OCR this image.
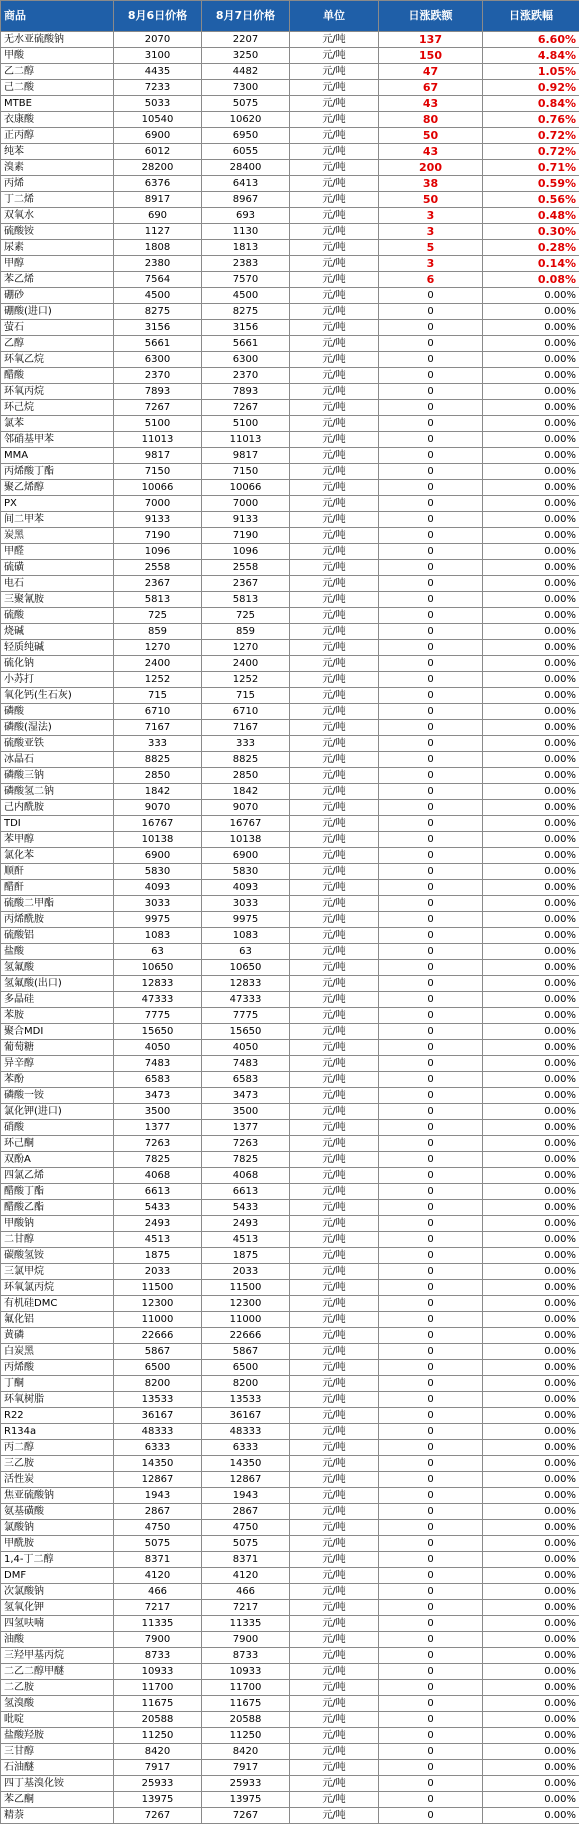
商品	8月6日价格	8月7日价格	单位	日涨跌额	日涨跌幅
无水亚硫酸钠	2070	2207	元/吨	137	6.60%
甲酸	3100	3250	元/吨	150	4.84%
乙二醇	4435	4482	元/吨	47	1.05%
己二酸	7233	7300	元/吨	67	0.92%
MTBE	5033	5075	元/吨	43	0.84%
衣康酸	10540	10620	元/吨	80	0.76%
正丙醇	6900	6950	元/吨	50	0.72%
纯苯	6012	6055	元/吨	43	0.72%
溴素	28200	28400	元/吨	200	0.71%
丙烯	6376	6413	元/吨	38	0.59%
丁二烯	8917	8967	元/吨	50	0.56%
双氧水	690	693	元/吨	3	0.48%
硫酸铵	1127	1130	元/吨	3	0.30%
尿素	1808	1813	元/吨	5	0.28%
甲醇	2380	2383	元/吨	3	0.14%
苯乙烯	7564	7570	元/吨	6	0.08%
硼砂	4500	4500	元/吨	0	0.00%
硼酸(进口)	8275	8275	元/吨	0	0.00%
萤石	3156	3156	元/吨	0	0.00%
乙醇	5661	5661	元/吨	0	0.00%
环氧乙烷	6300	6300	元/吨	0	0.00%
醋酸	2370	2370	元/吨	0	0.00%
环氧丙烷	7893	7893	元/吨	0	0.00%
环己烷	7267	7267	元/吨	0	0.00%
氯苯	5100	5100	元/吨	0	0.00%
邻硝基甲苯	11013	11013	元/吨	0	0.00%
MMA	9817	9817	元/吨	0	0.00%
丙烯酸丁酯	7150	7150	元/吨	0	0.00%
聚乙烯醇	10066	10066	元/吨	0	0.00%
PX	7000	7000	元/吨	0	0.00%
间二甲苯	9133	9133	元/吨	0	0.00%
炭黑	7190	7190	元/吨	0	0.00%
甲醛	1096	1096	元/吨	0	0.00%
硫磺	2558	2558	元/吨	0	0.00%
电石	2367	2367	元/吨	0	0.00%
三聚氰胺	5813	5813	元/吨	0	0.00%
硫酸	725	725	元/吨	0	0.00%
烧碱	859	859	元/吨	0	0.00%
轻质纯碱	1270	1270	元/吨	0	0.00%
硫化钠	2400	2400	元/吨	0	0.00%
小苏打	1252	1252	元/吨	0	0.00%
氧化钙(生石灰)	715	715	元/吨	0	0.00%
磷酸	6710	6710	元/吨	0	0.00%
磷酸(湿法)	7167	7167	元/吨	0	0.00%
硫酸亚铁	333	333	元/吨	0	0.00%
冰晶石	8825	8825	元/吨	0	0.00%
磷酸三钠	2850	2850	元/吨	0	0.00%
磷酸氢二钠	1842	1842	元/吨	0	0.00%
己内酰胺	9070	9070	元/吨	0	0.00%
TDI	16767	16767	元/吨	0	0.00%
苯甲醇	10138	10138	元/吨	0	0.00%
氯化苯	6900	6900	元/吨	0	0.00%
顺酐	5830	5830	元/吨	0	0.00%
醋酐	4093	4093	元/吨	0	0.00%
硫酸二甲酯	3033	3033	元/吨	0	0.00%
丙烯酰胺	9975	9975	元/吨	0	0.00%
硫酸铝	1083	1083	元/吨	0	0.00%
盐酸	63	63	元/吨	0	0.00%
氢氟酸	10650	10650	元/吨	0	0.00%
氢氟酸(出口)	12833	12833	元/吨	0	0.00%
多晶硅	47333	47333	元/吨	0	0.00%
苯胺	7775	7775	元/吨	0	0.00%
聚合MDI	15650	15650	元/吨	0	0.00%
葡萄糖	4050	4050	元/吨	0	0.00%
异辛醇	7483	7483	元/吨	0	0.00%
苯酚	6583	6583	元/吨	0	0.00%
磷酸一铵	3473	3473	元/吨	0	0.00%
氯化钾(进口)	3500	3500	元/吨	0	0.00%
硝酸	1377	1377	元/吨	0	0.00%
环己酮	7263	7263	元/吨	0	0.00%
双酚A	7825	7825	元/吨	0	0.00%
四氯乙烯	4068	4068	元/吨	0	0.00%
醋酸丁酯	6613	6613	元/吨	0	0.00%
醋酸乙酯	5433	5433	元/吨	0	0.00%
甲酸钠	2493	2493	元/吨	0	0.00%
二甘醇	4513	4513	元/吨	0	0.00%
碳酸氢铵	1875	1875	元/吨	0	0.00%
三氯甲烷	2033	2033	元/吨	0	0.00%
环氧氯丙烷	11500	11500	元/吨	0	0.00%
有机硅DMC	12300	12300	元/吨	0	0.00%
氟化铝	11000	11000	元/吨	0	0.00%
黄磷	22666	22666	元/吨	0	0.00%
白炭黑	5867	5867	元/吨	0	0.00%
丙烯酸	6500	6500	元/吨	0	0.00%
丁酮	8200	8200	元/吨	0	0.00%
环氧树脂	13533	13533	元/吨	0	0.00%
R22	36167	36167	元/吨	0	0.00%
R134a	48333	48333	元/吨	0	0.00%
丙二醇	6333	6333	元/吨	0	0.00%
三乙胺	14350	14350	元/吨	0	0.00%
活性炭	12867	12867	元/吨	0	0.00%
焦亚硫酸钠	1943	1943	元/吨	0	0.00%
氨基磺酸	2867	2867	元/吨	0	0.00%
氯酸钠	4750	4750	元/吨	0	0.00%
甲酰胺	5075	5075	元/吨	0	0.00%
1,4-丁二醇	8371	8371	元/吨	0	0.00%
DMF	4120	4120	元/吨	0	0.00%
次氯酸钠	466	466	元/吨	0	0.00%
氢氧化钾	7217	7217	元/吨	0	0.00%
四氢呋喃	11335	11335	元/吨	0	0.00%
油酸	7900	7900	元/吨	0	0.00%
三羟甲基丙烷	8733	8733	元/吨	0	0.00%
二乙二醇甲醚	10933	10933	元/吨	0	0.00%
二乙胺	11700	11700	元/吨	0	0.00%
氢溴酸	11675	11675	元/吨	0	0.00%
吡啶	20588	20588	元/吨	0	0.00%
盐酸羟胺	11250	11250	元/吨	0	0.00%
三甘醇	8420	8420	元/吨	0	0.00%
石油醚	7917	7917	元/吨	0	0.00%
四丁基溴化铵	25933	25933	元/吨	0	0.00%
苯乙酮	13975	13975	元/吨	0	0.00%
精萘	7267	7267	元/吨	0	0.00%
